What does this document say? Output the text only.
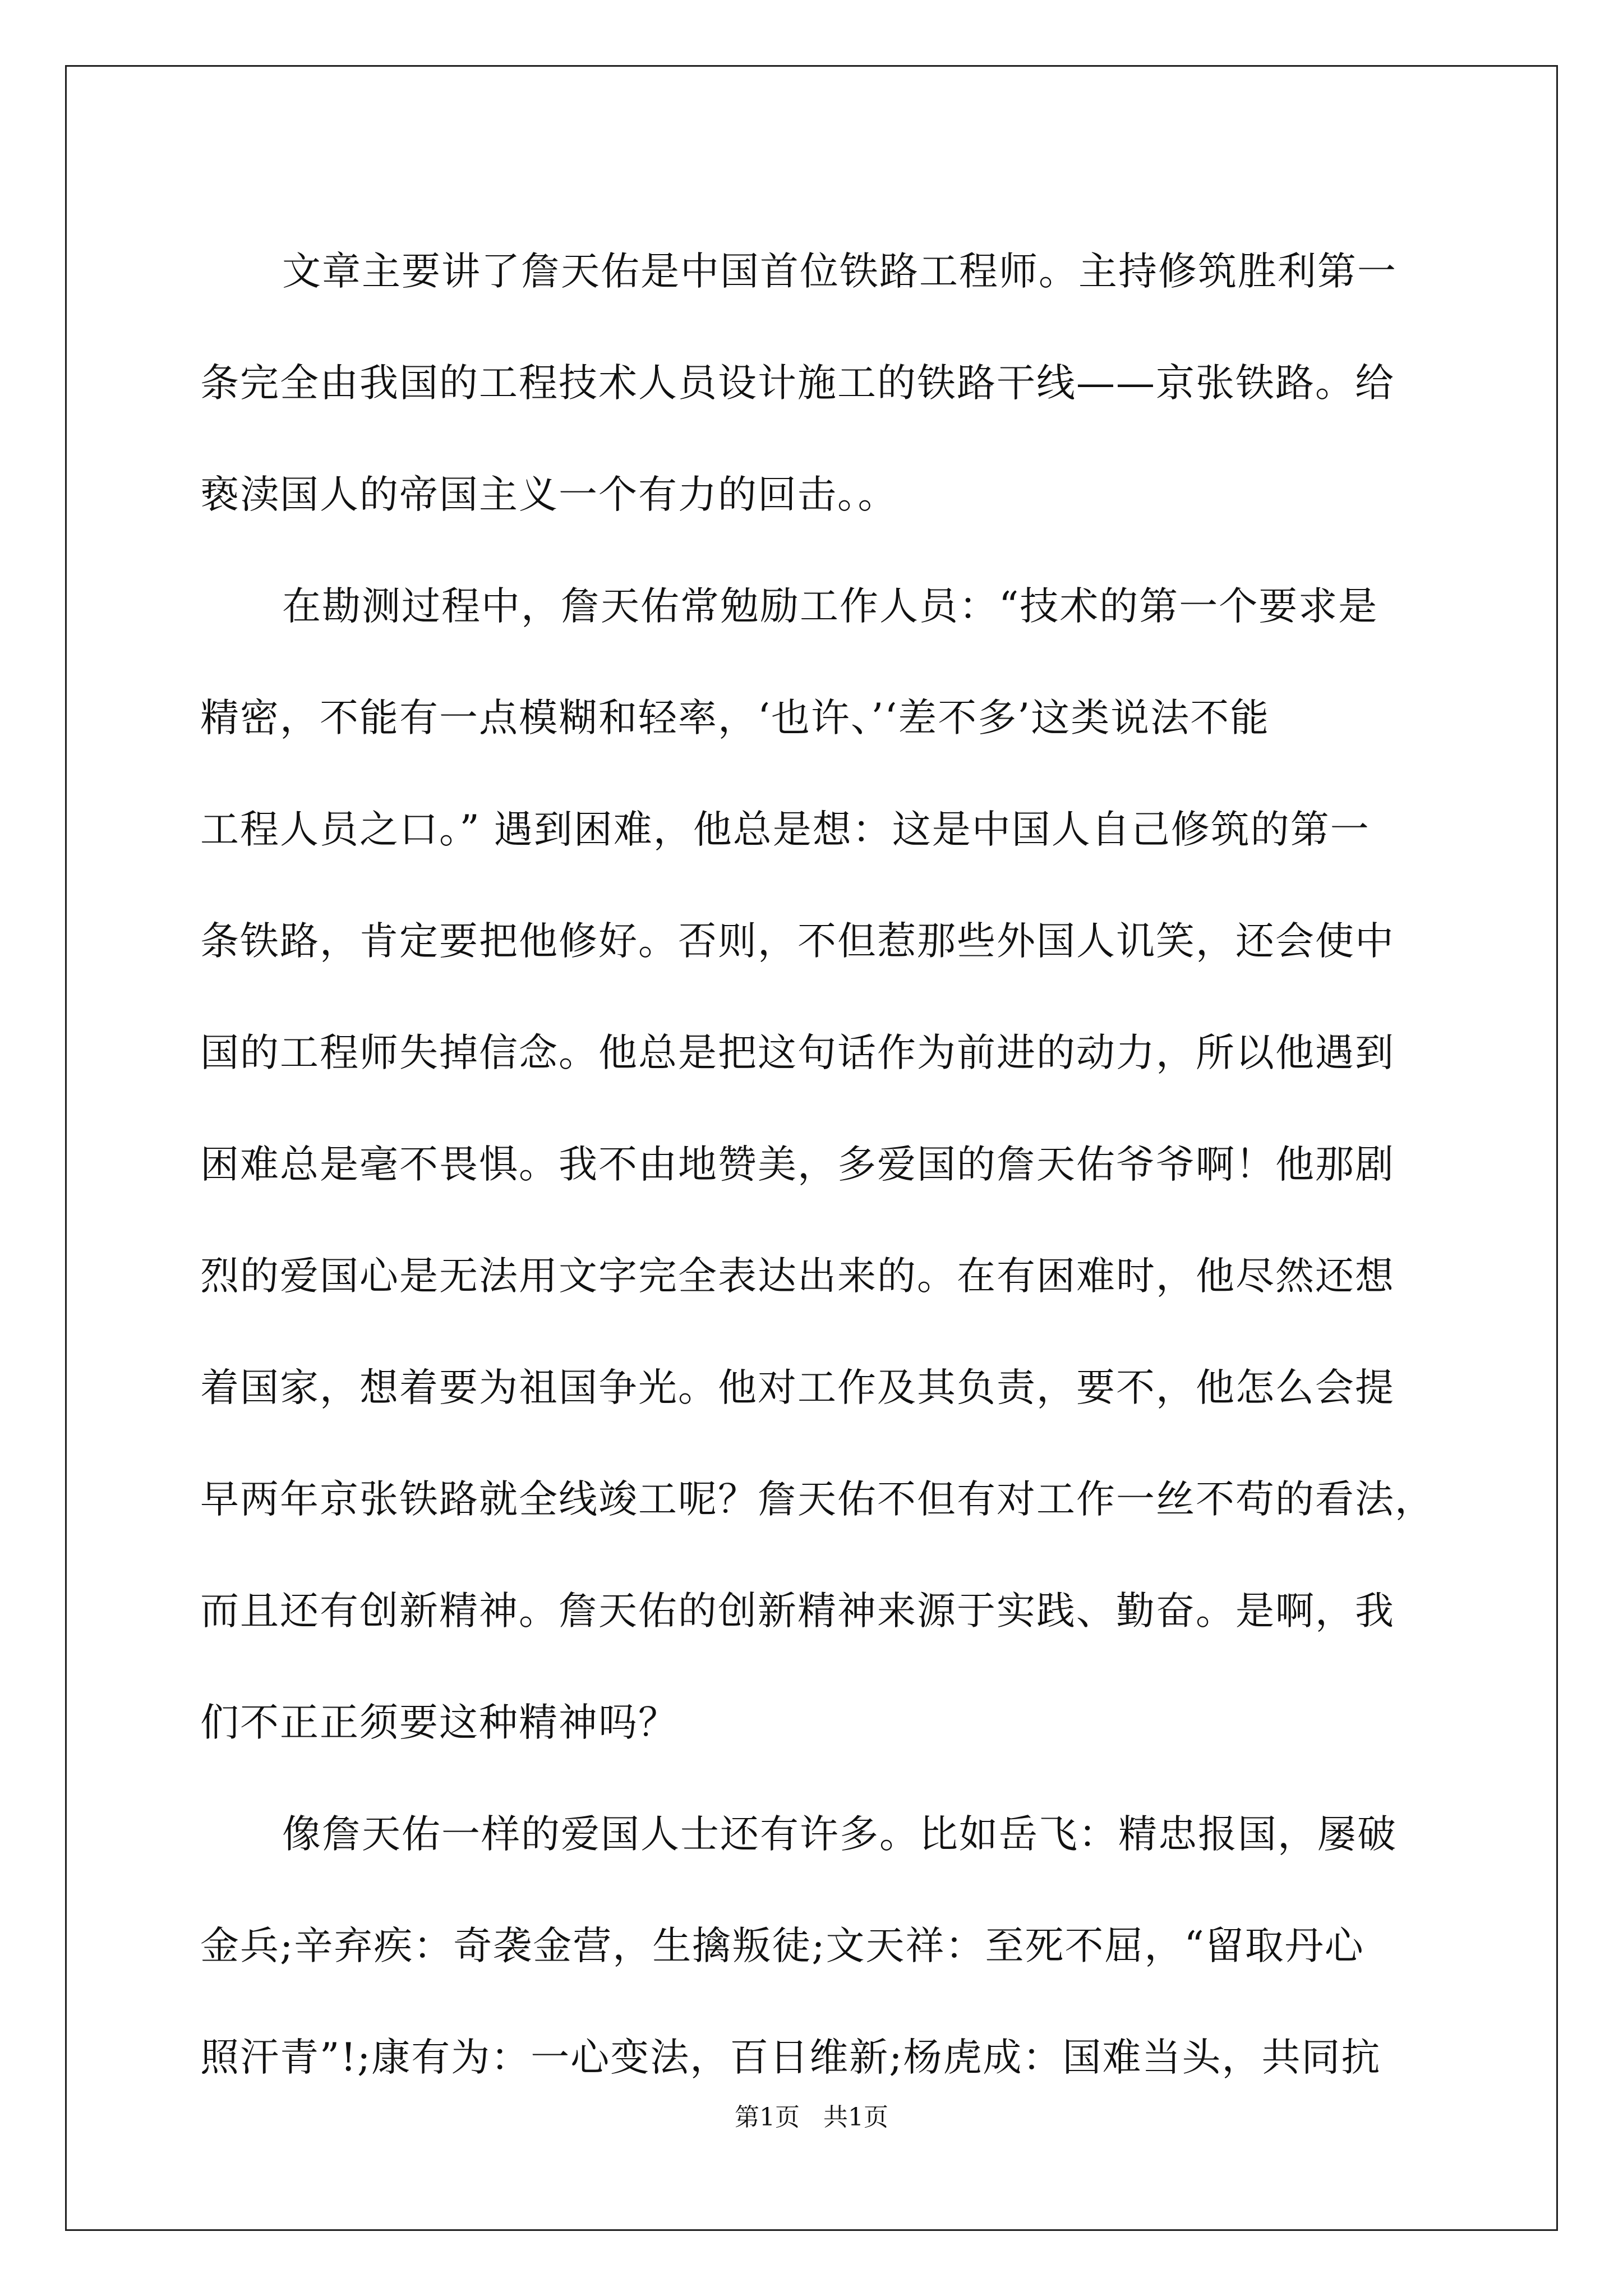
文章主要讲了詹天佑是中国首位铁路工程师。主持修筑胜利第一
条完全由我国的工程技术人员设计施工的铁路干线——京张铁路。给
亵渎国人的帝国主义一个有力的回击。。
在勘测过程中，詹天佑常勉励工作人员：“技术的第一个要求是
精密，不能有一点模糊和轻率，‘也许、’‘差不多’这类说法不能
工程人员之口。” 遇到困难，他总是想：这是中国人自己修筑的第一
条铁路，肯定要把他修好。否则，不但惹那些外国人讥笑，还会使中
国的工程师失掉信念。他总是把这句话作为前进的动力，所以他遇到
困难总是毫不畏惧。我不由地赞美，多爱国的詹天佑爷爷啊！他那剧
烈的爱国心是无法用文字完全表达出来的。在有困难时，他尽然还想
着国家，想着要为祖国争光。他对工作及其负责，要不，他怎么会提
早两年京张铁路就全线竣工呢？詹天佑不但有对工作一丝不苟的看法，
而且还有创新精神。詹天佑的创新精神来源于实践、勤奋。是啊，我
们不正正须要这种精神吗？
像詹天佑一样的爱国人士还有许多。比如岳飞：精忠报国，屡破
金兵;辛弃疾：奇袭金营，生擒叛徒;文天祥：至死不屈，“留取丹心
照汗青”!;康有为：一心变法，百日维新;杨虎成：国难当头，共同抗
第1页 共1页
